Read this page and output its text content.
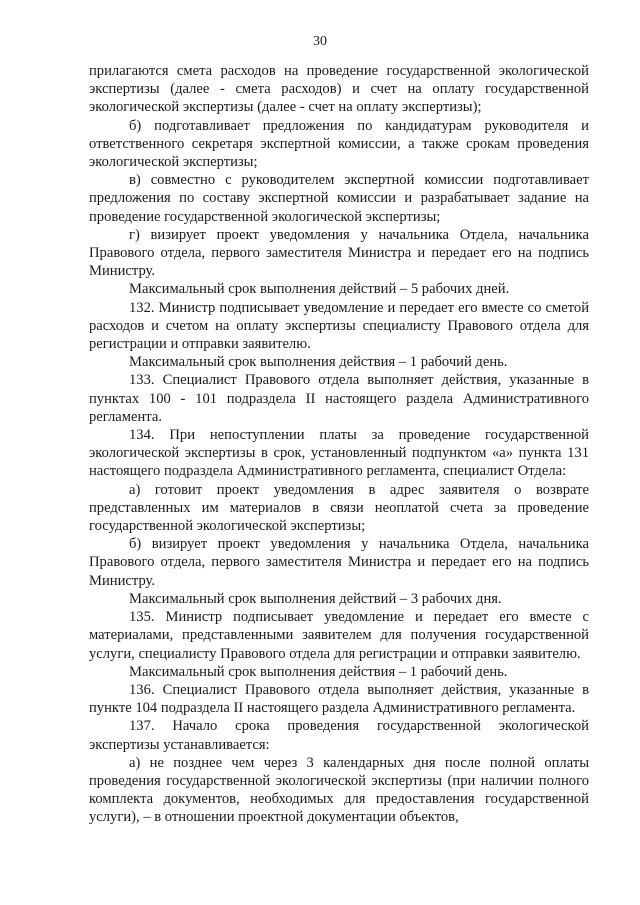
30

прилагаются смета расходов на проведение государственной экологической экспертизы (далее - смета расходов) и счет на оплату государственной экологической экспертизы (далее - счет на оплату экспертизы);

б) подготавливает предложения по кандидатурам руководителя и ответственного секретаря экспертной комиссии, а также срокам проведения экологической экспертизы;

в) совместно с руководителем экспертной комиссии подготавливает предложения по составу экспертной комиссии и разрабатывает задание на проведение государственной экологической экспертизы;

г) визирует проект уведомления у начальника Отдела, начальника Правового отдела, первого заместителя Министра и передает его на подпись Министру.

Максимальный срок выполнения действий – 5 рабочих дней.

132. Министр подписывает уведомление и передает его вместе со сметой расходов и счетом на оплату экспертизы специалисту Правового отдела для регистрации и отправки заявителю.

Максимальный срок выполнения действия – 1 рабочий день.

133. Специалист Правового отдела выполняет действия, указанные в пунктах 100 - 101 подраздела II настоящего раздела Административного регламента.

134. При непоступлении платы за проведение государственной экологической экспертизы в срок, установленный подпунктом «а» пункта 131 настоящего подраздела Административного регламента, специалист Отдела:

а) готовит проект уведомления в адрес заявителя о возврате представленных им материалов в связи неоплатой счета за проведение государственной экологической экспертизы;

б) визирует проект уведомления у начальника Отдела, начальника Правового отдела, первого заместителя Министра и передает его на подпись Министру.

Максимальный срок выполнения действий – 3 рабочих дня.

135. Министр подписывает уведомление и передает его вместе с материалами, представленными заявителем для получения государственной услуги, специалисту Правового отдела для регистрации и отправки заявителю.

Максимальный срок выполнения действия – 1 рабочий день.

136. Специалист Правового отдела выполняет действия, указанные в пункте 104 подраздела II настоящего раздела Административного регламента.

137. Начало срока проведения государственной экологической экспертизы устанавливается:

а) не позднее чем через 3 календарных дня после полной оплаты проведения государственной экологической экспертизы (при наличии полного комплекта документов, необходимых для предоставления государственной услуги), – в отношении проектной документации объектов,
